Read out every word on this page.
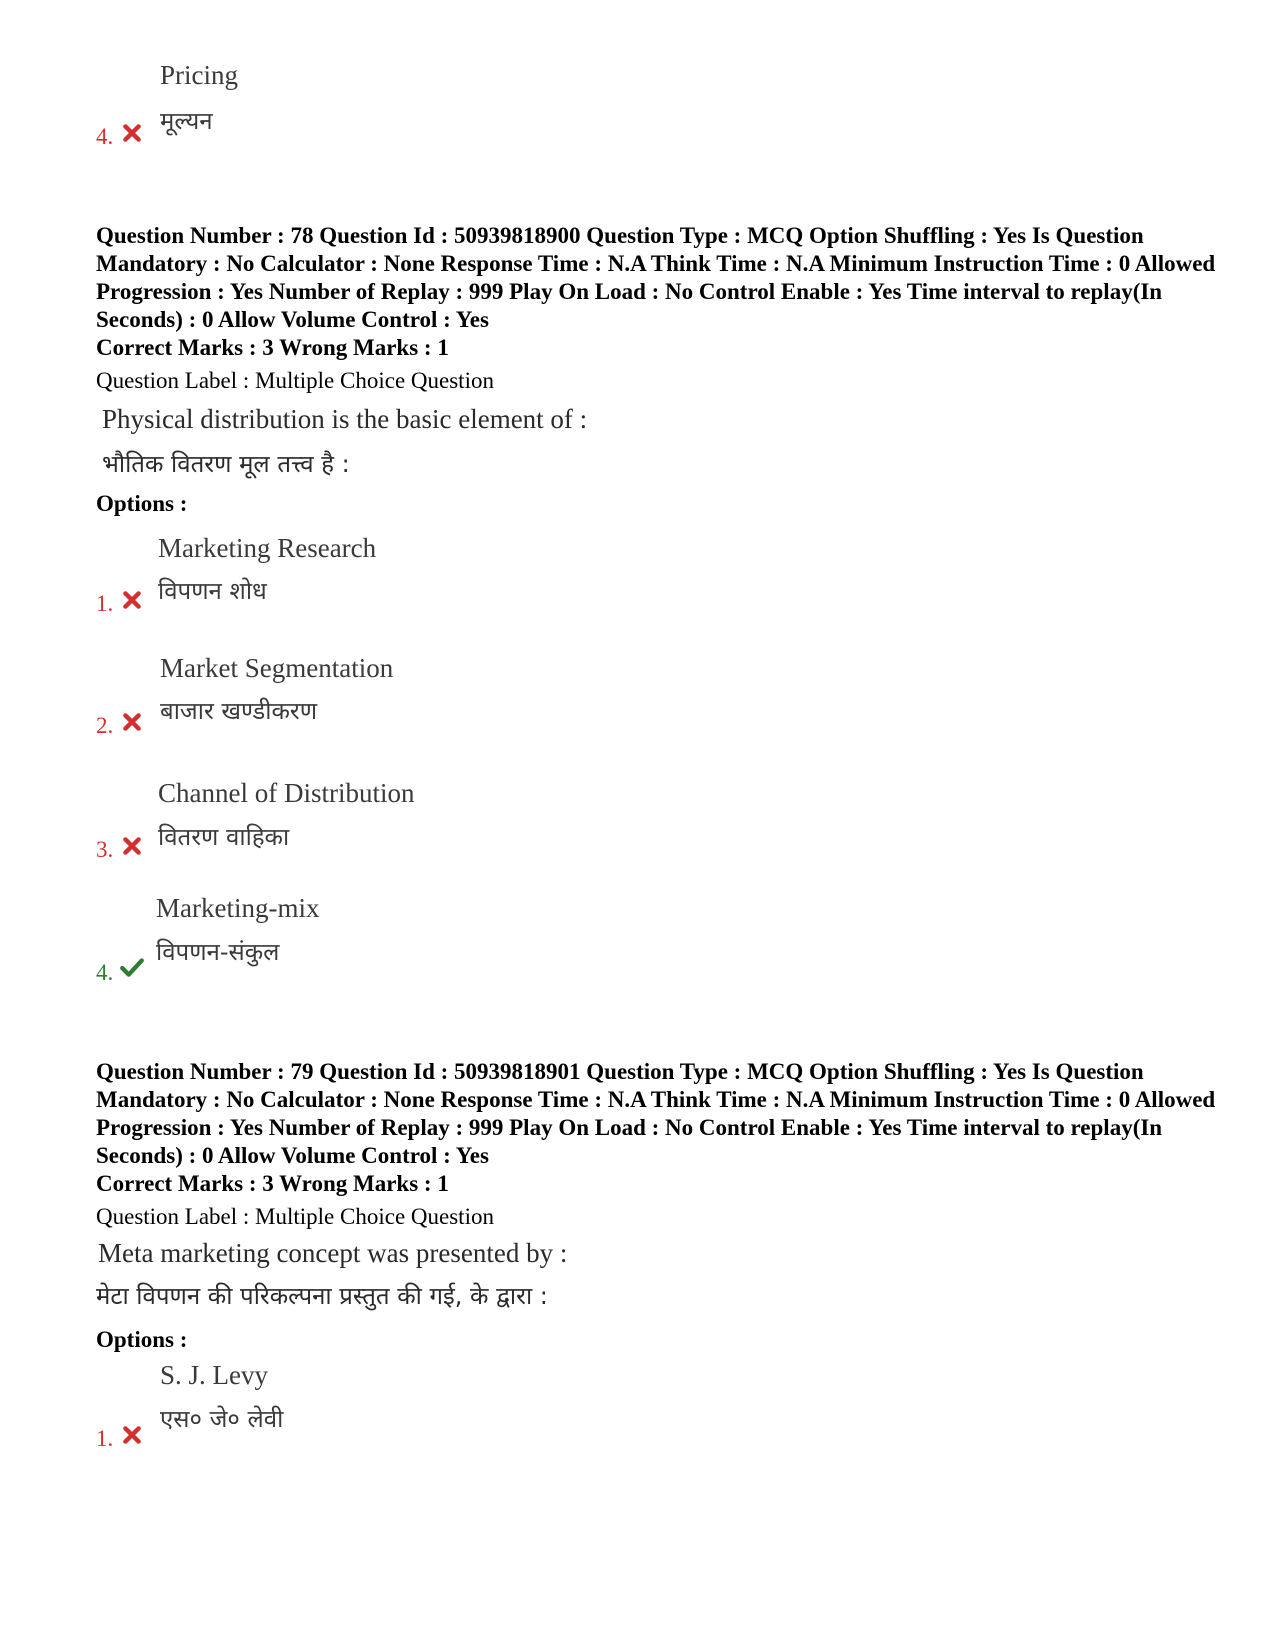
Pricing
मूल्यन
4.
Question Number : 78 Question Id : 50939818900 Question Type : MCQ Option Shuffling : Yes Is Question Mandatory : No Calculator : None Response Time : N.A Think Time : N.A Minimum Instruction Time : 0 Allowed Progression : Yes Number of Replay : 999 Play On Load : No Control Enable : Yes Time interval to replay(In Seconds) : 0 Allow Volume Control : Yes
Correct Marks : 3 Wrong Marks : 1
Question Label : Multiple Choice Question
Physical distribution is the basic element of :
भौतिक वितरण मूल तत्त्व है :
Options :
Marketing Research
विपणन शोध
1.
Market Segmentation
बाजार खण्डीकरण
2.
Channel of Distribution
वितरण वाहिका
3.
Marketing-mix
विपणन-संकुल
4.
Question Number : 79 Question Id : 50939818901 Question Type : MCQ Option Shuffling : Yes Is Question Mandatory : No Calculator : None Response Time : N.A Think Time : N.A Minimum Instruction Time : 0 Allowed Progression : Yes Number of Replay : 999 Play On Load : No Control Enable : Yes Time interval to replay(In Seconds) : 0 Allow Volume Control : Yes
Correct Marks : 3 Wrong Marks : 1
Question Label : Multiple Choice Question
Meta marketing concept was presented by :
मेटा विपणन की परिकल्पना प्रस्तुत की गई, के द्वारा :
Options :
S. J. Levy
एस० जे० लेवी
1.
